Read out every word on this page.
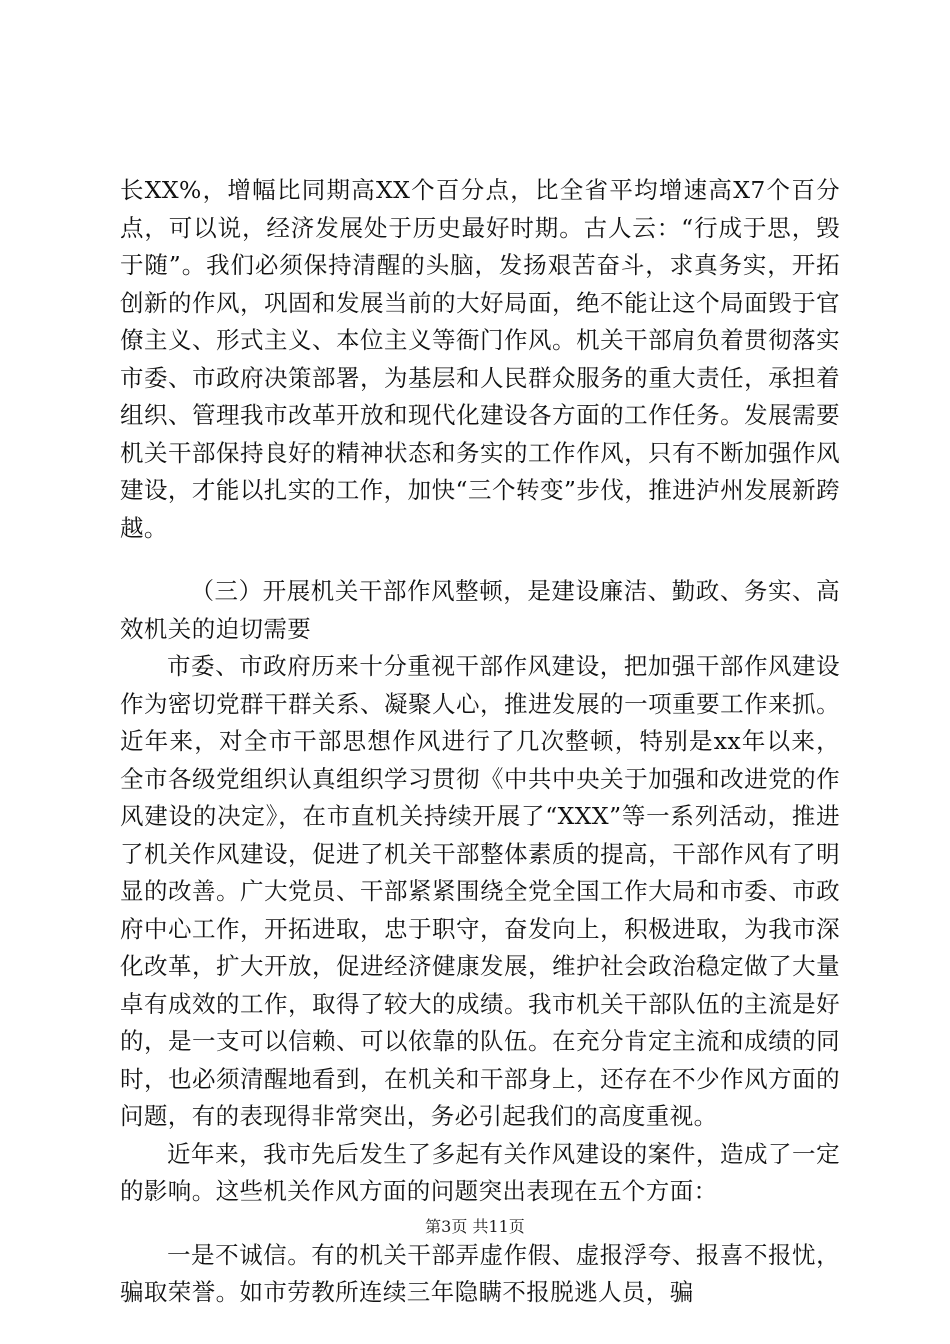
长XX%，增幅比同期高XX个百分点，比全省平均增速高X7个百分点，可以说，经济发展处于历史最好时期。古人云：“行成于思，毁于随”。我们必须保持清醒的头脑，发扬艰苦奋斗，求真务实，开拓创新的作风，巩固和发展当前的大好局面，绝不能让这个局面毁于官僚主义、形式主义、本位主义等衙门作风。机关干部肩负着贯彻落实市委、市政府决策部署，为基层和人民群众服务的重大责任，承担着组织、管理我市改革开放和现代化建设各方面的工作任务。发展需要机关干部保持良好的精神状态和务实的工作作风，只有不断加强作风建设，才能以扎实的工作，加快“三个转变”步伐，推进泸州发展新跨越。

（三）开展机关干部作风整顿，是建设廉洁、勤政、务实、高效机关的迫切需要

市委、市政府历来十分重视干部作风建设，把加强干部作风建设作为密切党群干群关系、凝聚人心，推进发展的一项重要工作来抓。近年来，对全市干部思想作风进行了几次整顿，特别是xx年以来，全市各级党组织认真组织学习贯彻《中共中央关于加强和改进党的作风建设的决定》，在市直机关持续开展了“XXX”等一系列活动，推进了机关作风建设，促进了机关干部整体素质的提高，干部作风有了明显的改善。广大党员、干部紧紧围绕全党全国工作大局和市委、市政府中心工作，开拓进取，忠于职守，奋发向上，积极进取，为我市深化改革，扩大开放，促进经济健康发展，维护社会政治稳定做了大量卓有成效的工作，取得了较大的成绩。我市机关干部队伍的主流是好的，是一支可以信赖、可以依靠的队伍。在充分肯定主流和成绩的同时，也必须清醒地看到，在机关和干部身上，还存在不少作风方面的问题，有的表现得非常突出，务必引起我们的高度重视。

近年来，我市先后发生了多起有关作风建设的案件，造成了一定的影响。这些机关作风方面的问题突出表现在五个方面：

一是不诚信。有的机关干部弄虚作假、虚报浮夸、报喜不报忧，骗取荣誉。如市劳教所连续三年隐瞒不报脱逃人员，骗

第3页 共11页
